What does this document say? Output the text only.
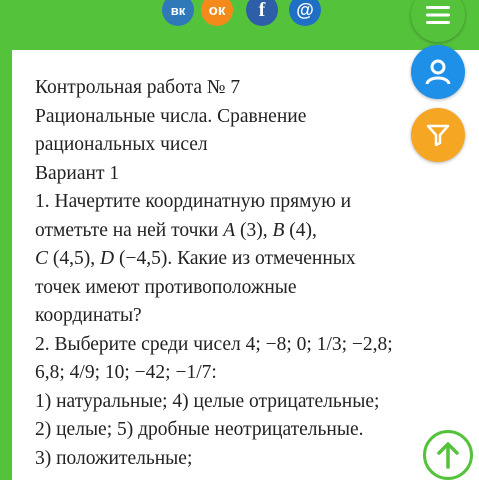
вк	ок	f	@
Контрольная работа № 7
Рациональные числа. Сравнение
рациональных чисел
Вариант 1
1. Начертите координатную прямую и
отметьте на ней точки A (3), B (4),
C (4,5), D (−4,5). Какие из отмеченных
точек имеют противоположные
координаты?
2. Выберите среди чисел 4; −8; 0; 1/3; −2,8;
6,8; 4/9; 10; −42; −1/7:
1) натуральные; 4) целые отрицательные;
2) целые; 5) дробные неотрицательные.
3) положительные;
